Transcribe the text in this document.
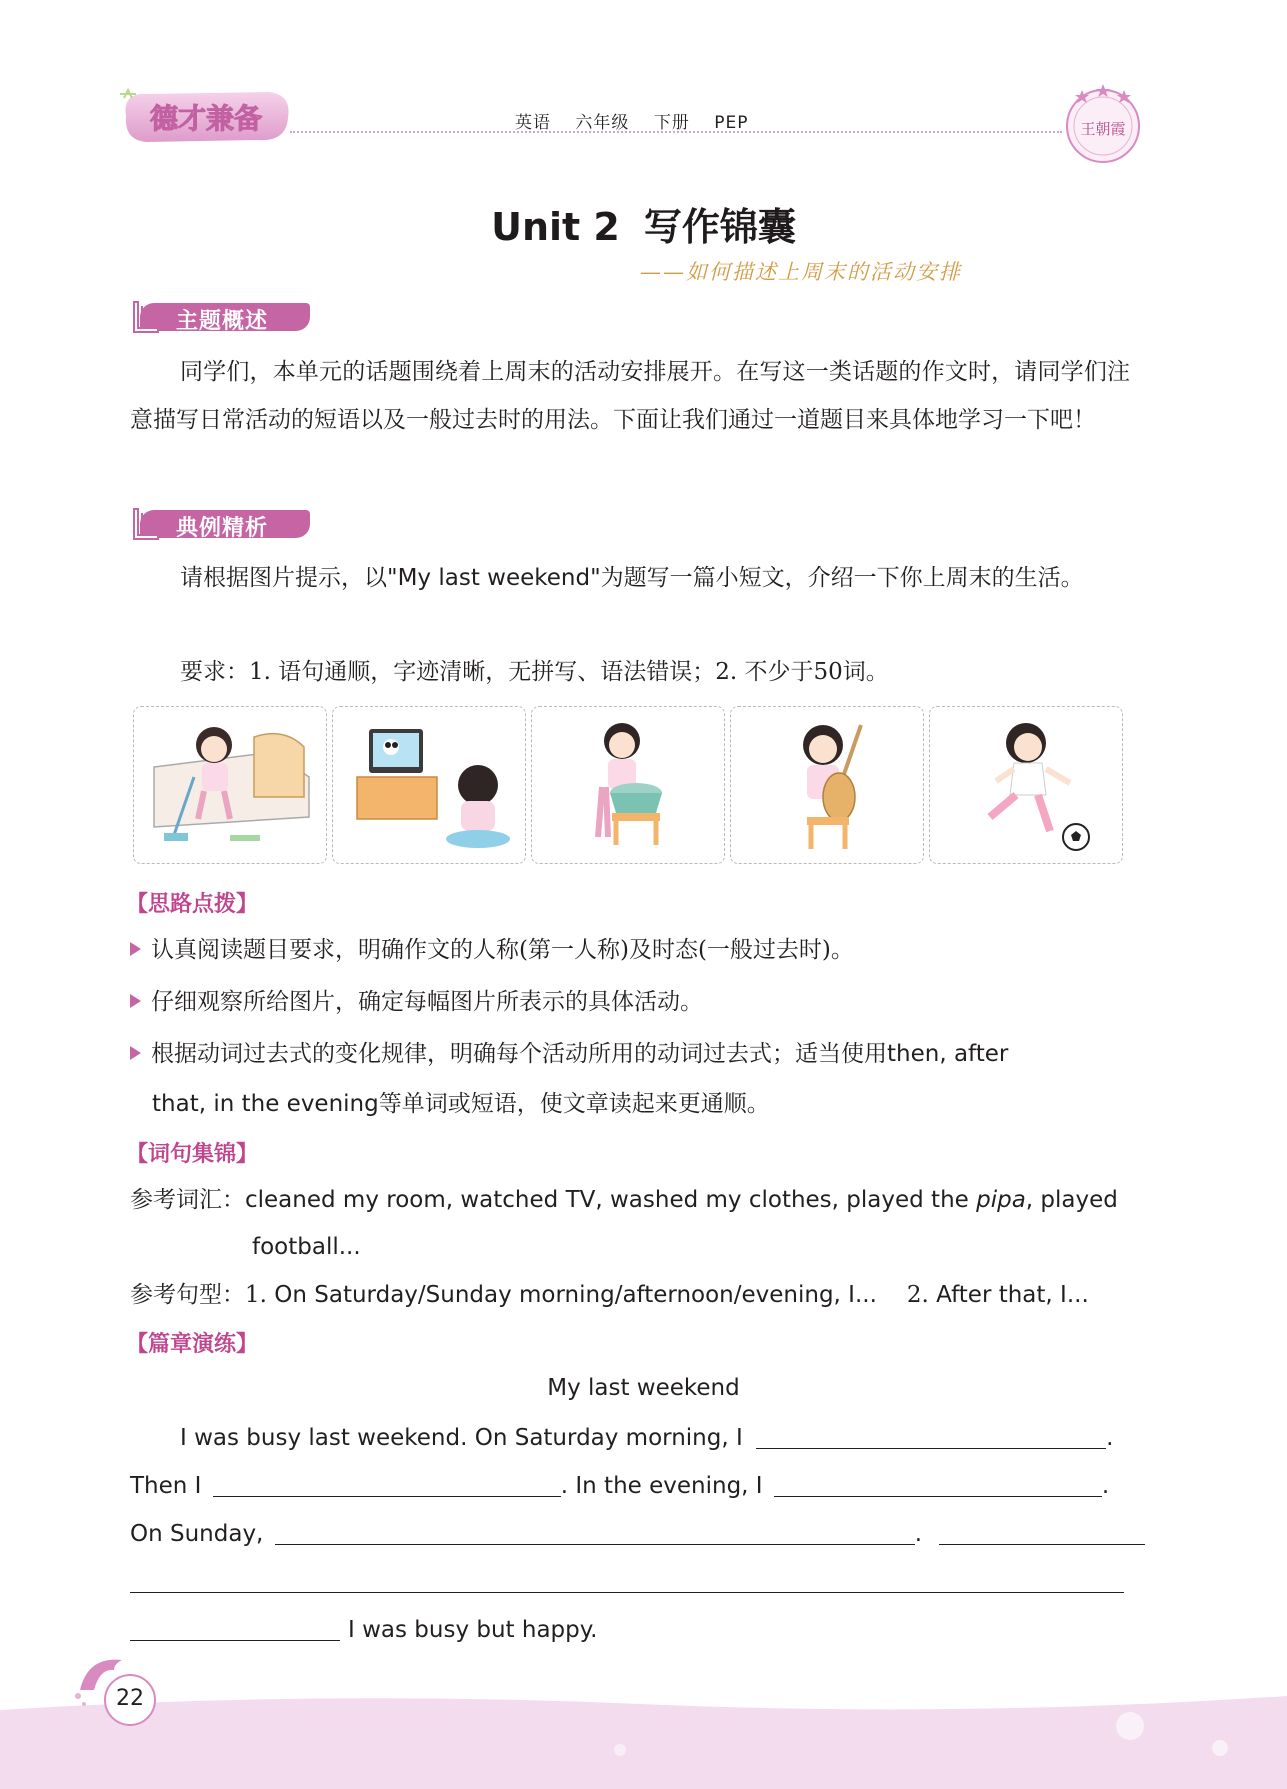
德才兼备	英语 六年级 下册 PEP	王朝霞
Unit 2 写作锦囊
——如何描述上周末的活动安排
主题概述
同学们，本单元的话题围绕着上周末的活动安排展开。在写这一类话题的作文时，请同学们注意描写日常活动的短语以及一般过去时的用法。下面让我们通过一道题目来具体地学习一下吧！
典例精析
请根据图片提示，以"My last weekend"为题写一篇小短文，介绍一下你上周末的生活。
要求：1. 语句通顺，字迹清晰，无拼写、语法错误；2. 不少于50词。
【思路点拨】
认真阅读题目要求，明确作文的人称(第一人称)及时态(一般过去时)。
仔细观察所给图片，确定每幅图片所表示的具体活动。
根据动词过去式的变化规律，明确每个活动所用的动词过去式；适当使用then, after
that, in the evening等单词或短语，使文章读起来更通顺。
【词句集锦】
参考词汇：cleaned my room, watched TV, washed my clothes, played the pipa, played
football...
参考句型：1. On Saturday/Sunday morning/afternoon/evening, I... 2. After that, I...
【篇章演练】
My last weekend
I was busy last weekend. On Saturday morning, I	.
Then I	. In the evening, I	.
On Sunday,	.
I was busy but happy.
22
